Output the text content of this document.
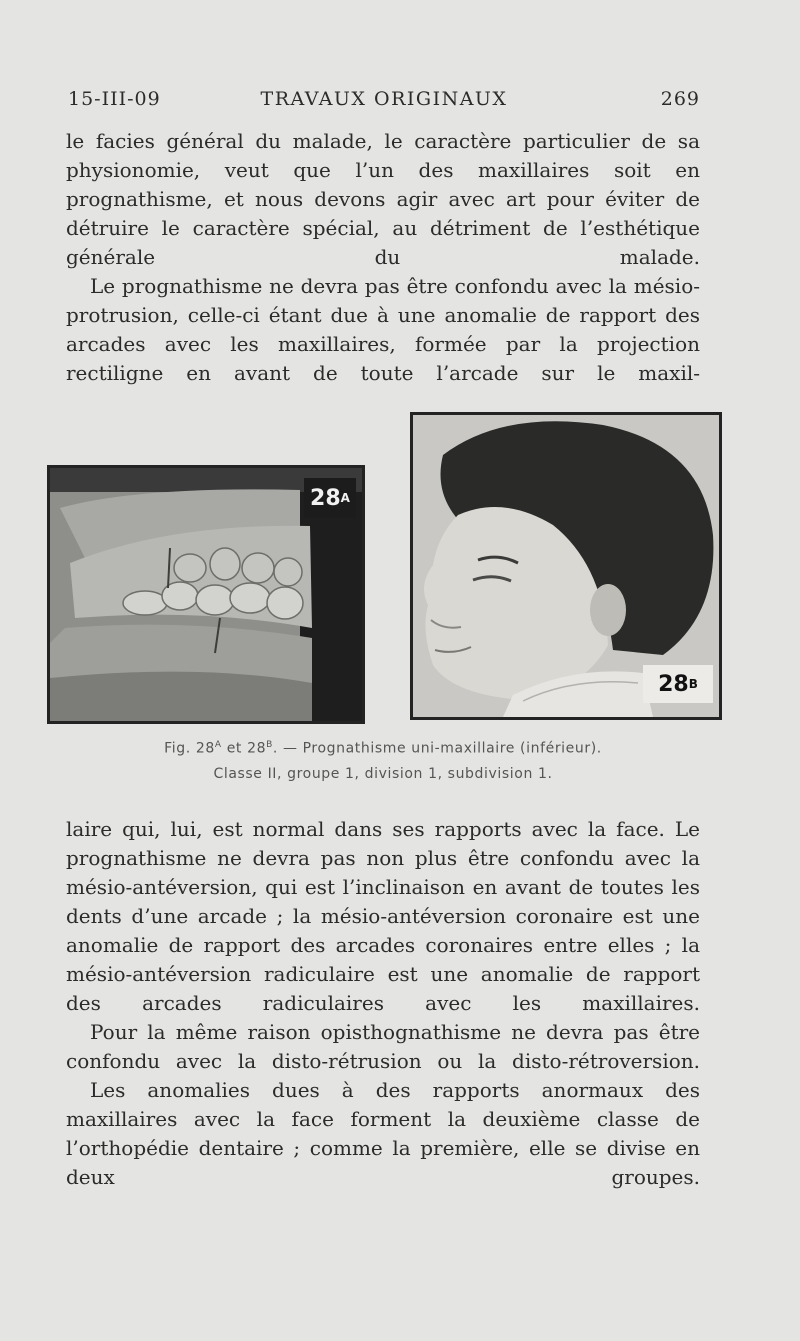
15-III-09	TRAVAUX ORIGINAUX	269

le facies général du malade, le caractère particulier de sa physionomie, veut que l’un des maxillaires soit en prognathisme, et nous devons agir avec art pour éviter de détruire le caractère spécial, au détriment de l’esthétique générale du malade.

Le prognathisme ne devra pas être confondu avec la mésio-protrusion, celle-ci étant due à une anomalie de rapport des arcades avec les maxillaires, formée par la projection rectiligne en avant de toute l’arcade sur le maxil-

28 A
28 B
Fig. $28^A$ et $28^B$. — Prognathisme uni-maxillaire (inférieur).
Classe II, groupe 1, division 1, subdivision 1.

laire qui, lui, est normal dans ses rapports avec la face. Le prognathisme ne devra pas non plus être confondu avec la mésio-antéversion, qui est l’inclinaison en avant de toutes les dents d’une arcade ; la mésio-antéversion coronaire est une anomalie de rapport des arcades coronaires entre elles ; la mésio-antéversion radiculaire est une anomalie de rapport des arcades radiculaires avec les maxillaires.

Pour la même raison opisthognathisme ne devra pas être confondu avec la disto-rétrusion ou la disto-rétroversion.

Les anomalies dues à des rapports anormaux des maxillaires avec la face forment la deuxième classe de l’orthopédie dentaire ; comme la première, elle se divise en deux groupes.
